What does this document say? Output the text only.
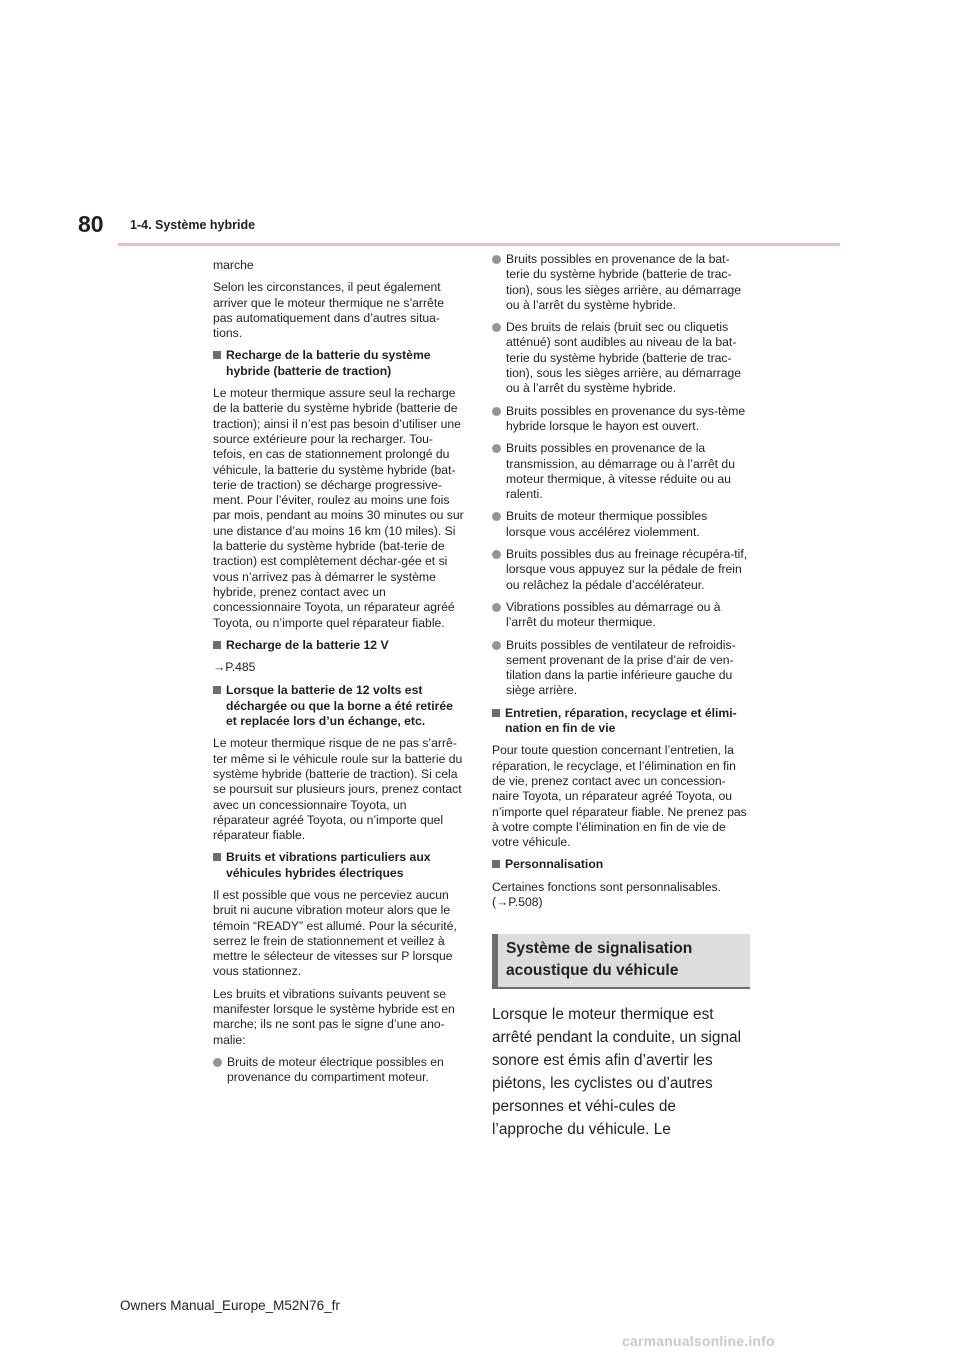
80 1-4. Système hybride

marche

Selon les circonstances, il peut également arriver que le moteur thermique ne s’arrête pas automatiquement dans d’autres situa-tions.

Recharge de la batterie du système hybride (batterie de traction)

Le moteur thermique assure seul la recharge de la batterie du système hybride (batterie de traction); ainsi il n’est pas besoin d’utiliser une source extérieure pour la recharger. Tou-tefois, en cas de stationnement prolongé du véhicule, la batterie du système hybride (bat-terie de traction) se décharge progressive-ment. Pour l’éviter, roulez au moins une fois par mois, pendant au moins 30 minutes ou sur une distance d’au moins 16 km (10 miles). Si la batterie du système hybride (bat-terie de traction) est complètement déchar-gée et si vous n’arrivez pas à démarrer le système hybride, prenez contact avec un concessionnaire Toyota, un réparateur agréé Toyota, ou n’importe quel réparateur fiable.

Recharge de la batterie 12 V

→P.485

Lorsque la batterie de 12 volts est déchargée ou que la borne a été retirée et replacée lors d’un échange, etc.

Le moteur thermique risque de ne pas s’arrê-ter même si le véhicule roule sur la batterie du système hybride (batterie de traction). Si cela se poursuit sur plusieurs jours, prenez contact avec un concessionnaire Toyota, un réparateur agréé Toyota, ou n’importe quel réparateur fiable.

Bruits et vibrations particuliers aux véhicules hybrides électriques

Il est possible que vous ne perceviez aucun bruit ni aucune vibration moteur alors que le témoin “READY” est allumé. Pour la sécurité, serrez le frein de stationnement et veillez à mettre le sélecteur de vitesses sur P lorsque vous stationnez.

Les bruits et vibrations suivants peuvent se manifester lorsque le système hybride est en marche; ils ne sont pas le signe d’une ano-malie:

Bruits de moteur électrique possibles en provenance du compartiment moteur.
Bruits possibles en provenance de la bat-terie du système hybride (batterie de trac-tion), sous les sièges arrière, au démarrage ou à l’arrêt du système hybride.
Des bruits de relais (bruit sec ou cliquetis atténué) sont audibles au niveau de la bat-terie du système hybride (batterie de trac-tion), sous les sièges arrière, au démarrage ou à l’arrêt du système hybride.
Bruits possibles en provenance du sys-tème hybride lorsque le hayon est ouvert.
Bruits possibles en provenance de la transmission, au démarrage ou à l’arrêt du moteur thermique, à vitesse réduite ou au ralenti.
Bruits de moteur thermique possibles lorsque vous accélérez violemment.
Bruits possibles dus au freinage récupéra-tif, lorsque vous appuyez sur la pédale de frein ou relâchez la pédale d’accélérateur.
Vibrations possibles au démarrage ou à l’arrêt du moteur thermique.
Bruits possibles de ventilateur de refroidis-sement provenant de la prise d’air de ven-tilation dans la partie inférieure gauche du siège arrière.
Entretien, réparation, recyclage et élimi-nation en fin de vie

Pour toute question concernant l’entretien, la réparation, le recyclage, et l’élimination en fin de vie, prenez contact avec un concession-naire Toyota, un réparateur agréé Toyota, ou n’importe quel réparateur fiable. Ne prenez pas à votre compte l’élimination en fin de vie de votre véhicule.

Personnalisation

Certaines fonctions sont personnalisables. (→P.508)

Système de signalisation acoustique du véhicule

Lorsque le moteur thermique est arrêté pendant la conduite, un signal sonore est émis afin d’avertir les piétons, les cyclistes ou d’autres personnes et véhi-cules de l’approche du véhicule. Le

Owners Manual_Europe_M52N76_fr
carmanualsonline.info
